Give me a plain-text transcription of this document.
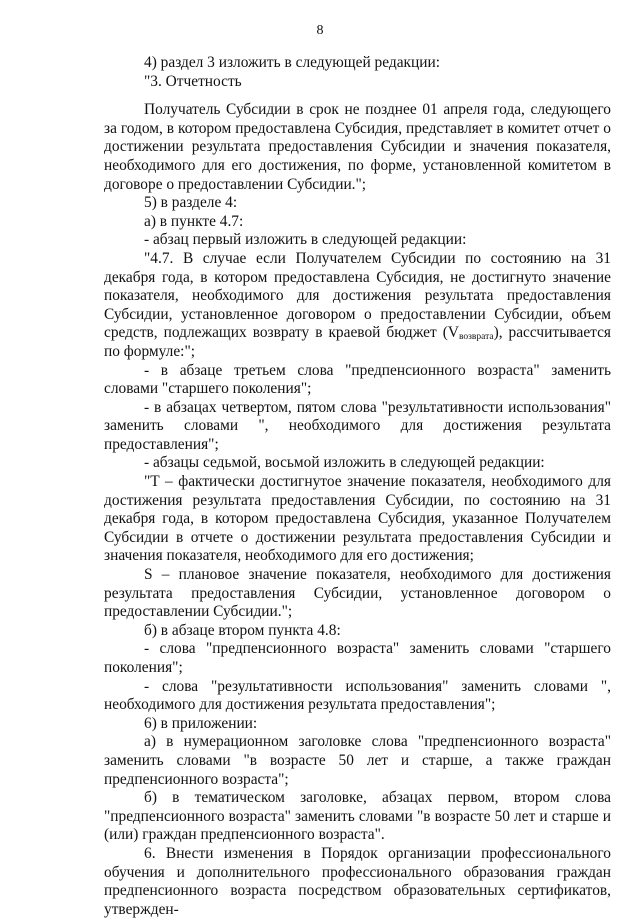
8

4) раздел 3 изложить в следующей редакции:

"3. Отчетность

Получатель Субсидии в срок не позднее 01 апреля года, следующего за годом, в котором предоставлена Субсидия, представляет в комитет отчет о достижении результата предоставления Субсидии и значения показателя, необходимого для его достижения, по форме, установленной комитетом в договоре о предоставлении Субсидии.";

5) в разделе 4:

а) в пункте 4.7:

- абзац первый изложить в следующей редакции:

"4.7. В случае если Получателем Субсидии по состоянию на 31 декабря года, в котором предоставлена Субсидия, не достигнуто значение показателя, необходимого для достижения результата предоставления Субсидии, установленное договором о предоставлении Субсидии, объем средств, подлежащих возврату в краевой бюджет $(V_{возврата})$, рассчитывается по формуле:";

- в абзаце третьем слова "предпенсионного возраста" заменить словами "старшего поколения";

- в абзацах четвертом, пятом слова "результативности использования" заменить словами ", необходимого для достижения результата предоставления";

- абзацы седьмой, восьмой изложить в следующей редакции:

"T – фактически достигнутое значение показателя, необходимого для достижения результата предоставления Субсидии, по состоянию на 31 декабря года, в котором предоставлена Субсидия, указанное Получателем Субсидии в отчете о достижении результата предоставления Субсидии и значения показателя, необходимого для его достижения;

S – плановое значение показателя, необходимого для достижения результата предоставления Субсидии, установленное договором о предоставлении Субсидии.";

б) в абзаце втором пункта 4.8:

- слова "предпенсионного возраста" заменить словами "старшего поколения";

- слова "результативности использования" заменить словами ", необходимого для достижения результата предоставления";

6) в приложении:

а) в нумерационном заголовке слова "предпенсионного возраста" заменить словами "в возрасте 50 лет и старше, а также граждан предпенсионного возраста";

б) в тематическом заголовке, абзацах первом, втором слова "предпенсионного возраста" заменить словами "в возрасте 50 лет и старше и (или) граждан предпенсионного возраста".

6. Внести изменения в Порядок организации профессионального обучения и дополнительного профессионального образования граждан предпенсионного возраста посредством образовательных сертификатов, утвержден-
